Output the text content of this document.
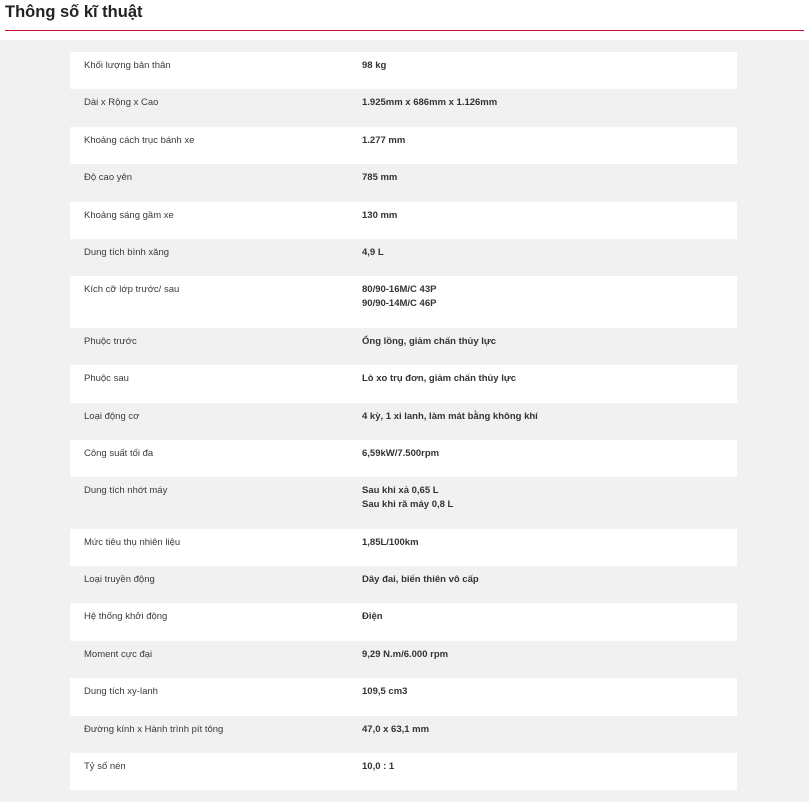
Thông số kĩ thuật
Khối lượng bản thân	98 kg
Dài x Rộng x Cao	1.925mm x 686mm x 1.126mm
Khoảng cách trục bánh xe	1.277 mm
Độ cao yên	785 mm
Khoảng sáng gầm xe	130 mm
Dung tích bình xăng	4,9 L
Kích cỡ lớp trước/ sau	80/90-16M/C 43P
90/90-14M/C 46P
Phuộc trước	Ống lồng, giảm chấn thủy lực
Phuộc sau	Lò xo trụ đơn, giảm chấn thủy lực
Loại động cơ	4 kỳ, 1 xi lanh, làm mát bằng không khí
Công suất tối đa	6,59kW/7.500rpm
Dung tích nhớt máy	Sau khi xả 0,65 L
Sau khi rã máy 0,8 L
Mức tiêu thụ nhiên liệu	1,85L/100km
Loại truyền động	Dây đai, biến thiên vô cấp
Hệ thống khởi động	Điện
Moment cực đại	9,29 N.m/6.000 rpm
Dung tích xy-lanh	109,5 cm3
Đường kính x Hành trình pít tông	47,0 x 63,1 mm
Tỷ số nén	10,0 : 1
